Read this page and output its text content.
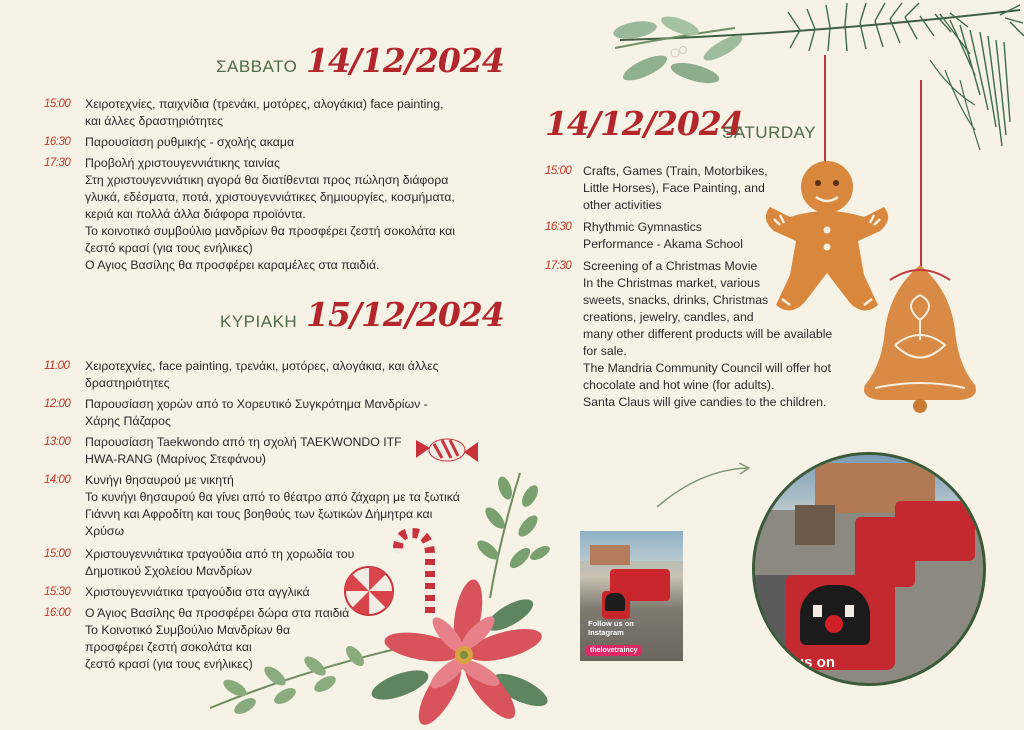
ΣΑΒΒΑΤΟ 14/12/2024
15:00 Χειροτεχνίες, παιχνίδια (τρενάκι, μοτόρες, αλογάκια) face painting,
και άλλες δραστηριότητες
16:30 Παρουσίαση ρυθμικής - σχολής ακαμα
17:30 Προβολή χριστουγεννιάτικης ταινίας
Στη χριστουγεννιάτικη αγορά θα διατίθενται προς πώληση διάφορα
γλυκά, εδέσματα, ποτά, χριστουγεννιάτικες δημιουργίες, κοσμήματα,
κεριά και πολλά άλλα διάφορα προϊόντα.
Το κοινοτικό συμβούλιο μανδρίων θα προσφέρει ζεστή σοκολάτα και
ζεστό κρασί (για τους ενήλικες)
Ο Αγιος Βασίλης θα προσφέρει καραμέλες στα παιδιά.
ΚΥΡΙΑΚΗ 15/12/2024
11:00 Χειροτεχνίες, face painting, τρενάκι, μοτόρες, αλογάκια, και άλλες
δραστηριότητες
12:00 Παρουσίαση χορών από το Χορευτικό Συγκρότημα Μανδρίων -
Χάρης Πάζαρος
13:00 Παρουσίαση Taekwondo από τη σχολή TAEKWONDO ITF
HWA-RANG (Μαρίνος Στεφάνου)
14:00 Κυνήγι θησαυρού με νικητή
Το κυνήγι θησαυρού θα γίνει από το θέατρο από ζάχαρη με τα ξωτικά
Γιάννη και Αφροδίτη και τους βοηθούς των ξωτικών Δήμητρα και
Χρύσω
15:00 Χριστουγεννιάτικα τραγούδια από τη χορωδία του
Δημοτικού Σχολείου Μανδρίων
15:30 Χριστουγεννιάτικα τραγούδια στα αγγλικά
16:00 Ο Άγιος Βασίλης θα προσφέρει δώρα στα παιδιά
Το Κοινοτικό Συμβούλιο Μανδρίων θα
προσφέρει ζεστή σοκολάτα και
ζεστό κρασί (για τους ενήλικες)
14/12/2024
SATURDAY
15:00 Crafts, Games (Train, Motorbikes,
Little Horses), Face Painting, and
other activities
16:30 Rhythmic Gymnastics
Performance - Akama School
17:30 Screening of a Christmas Movie
In the Christmas market, various
sweets, snacks, drinks, Christmas
creations, jewelry, candles, and
many other different products will be available
for sale.
The Mandria Community Council will offer hot
chocolate and hot wine (for adults).
Santa Claus will give candies to the children.
Follow us on Instagram
thelovetraincy
us on
